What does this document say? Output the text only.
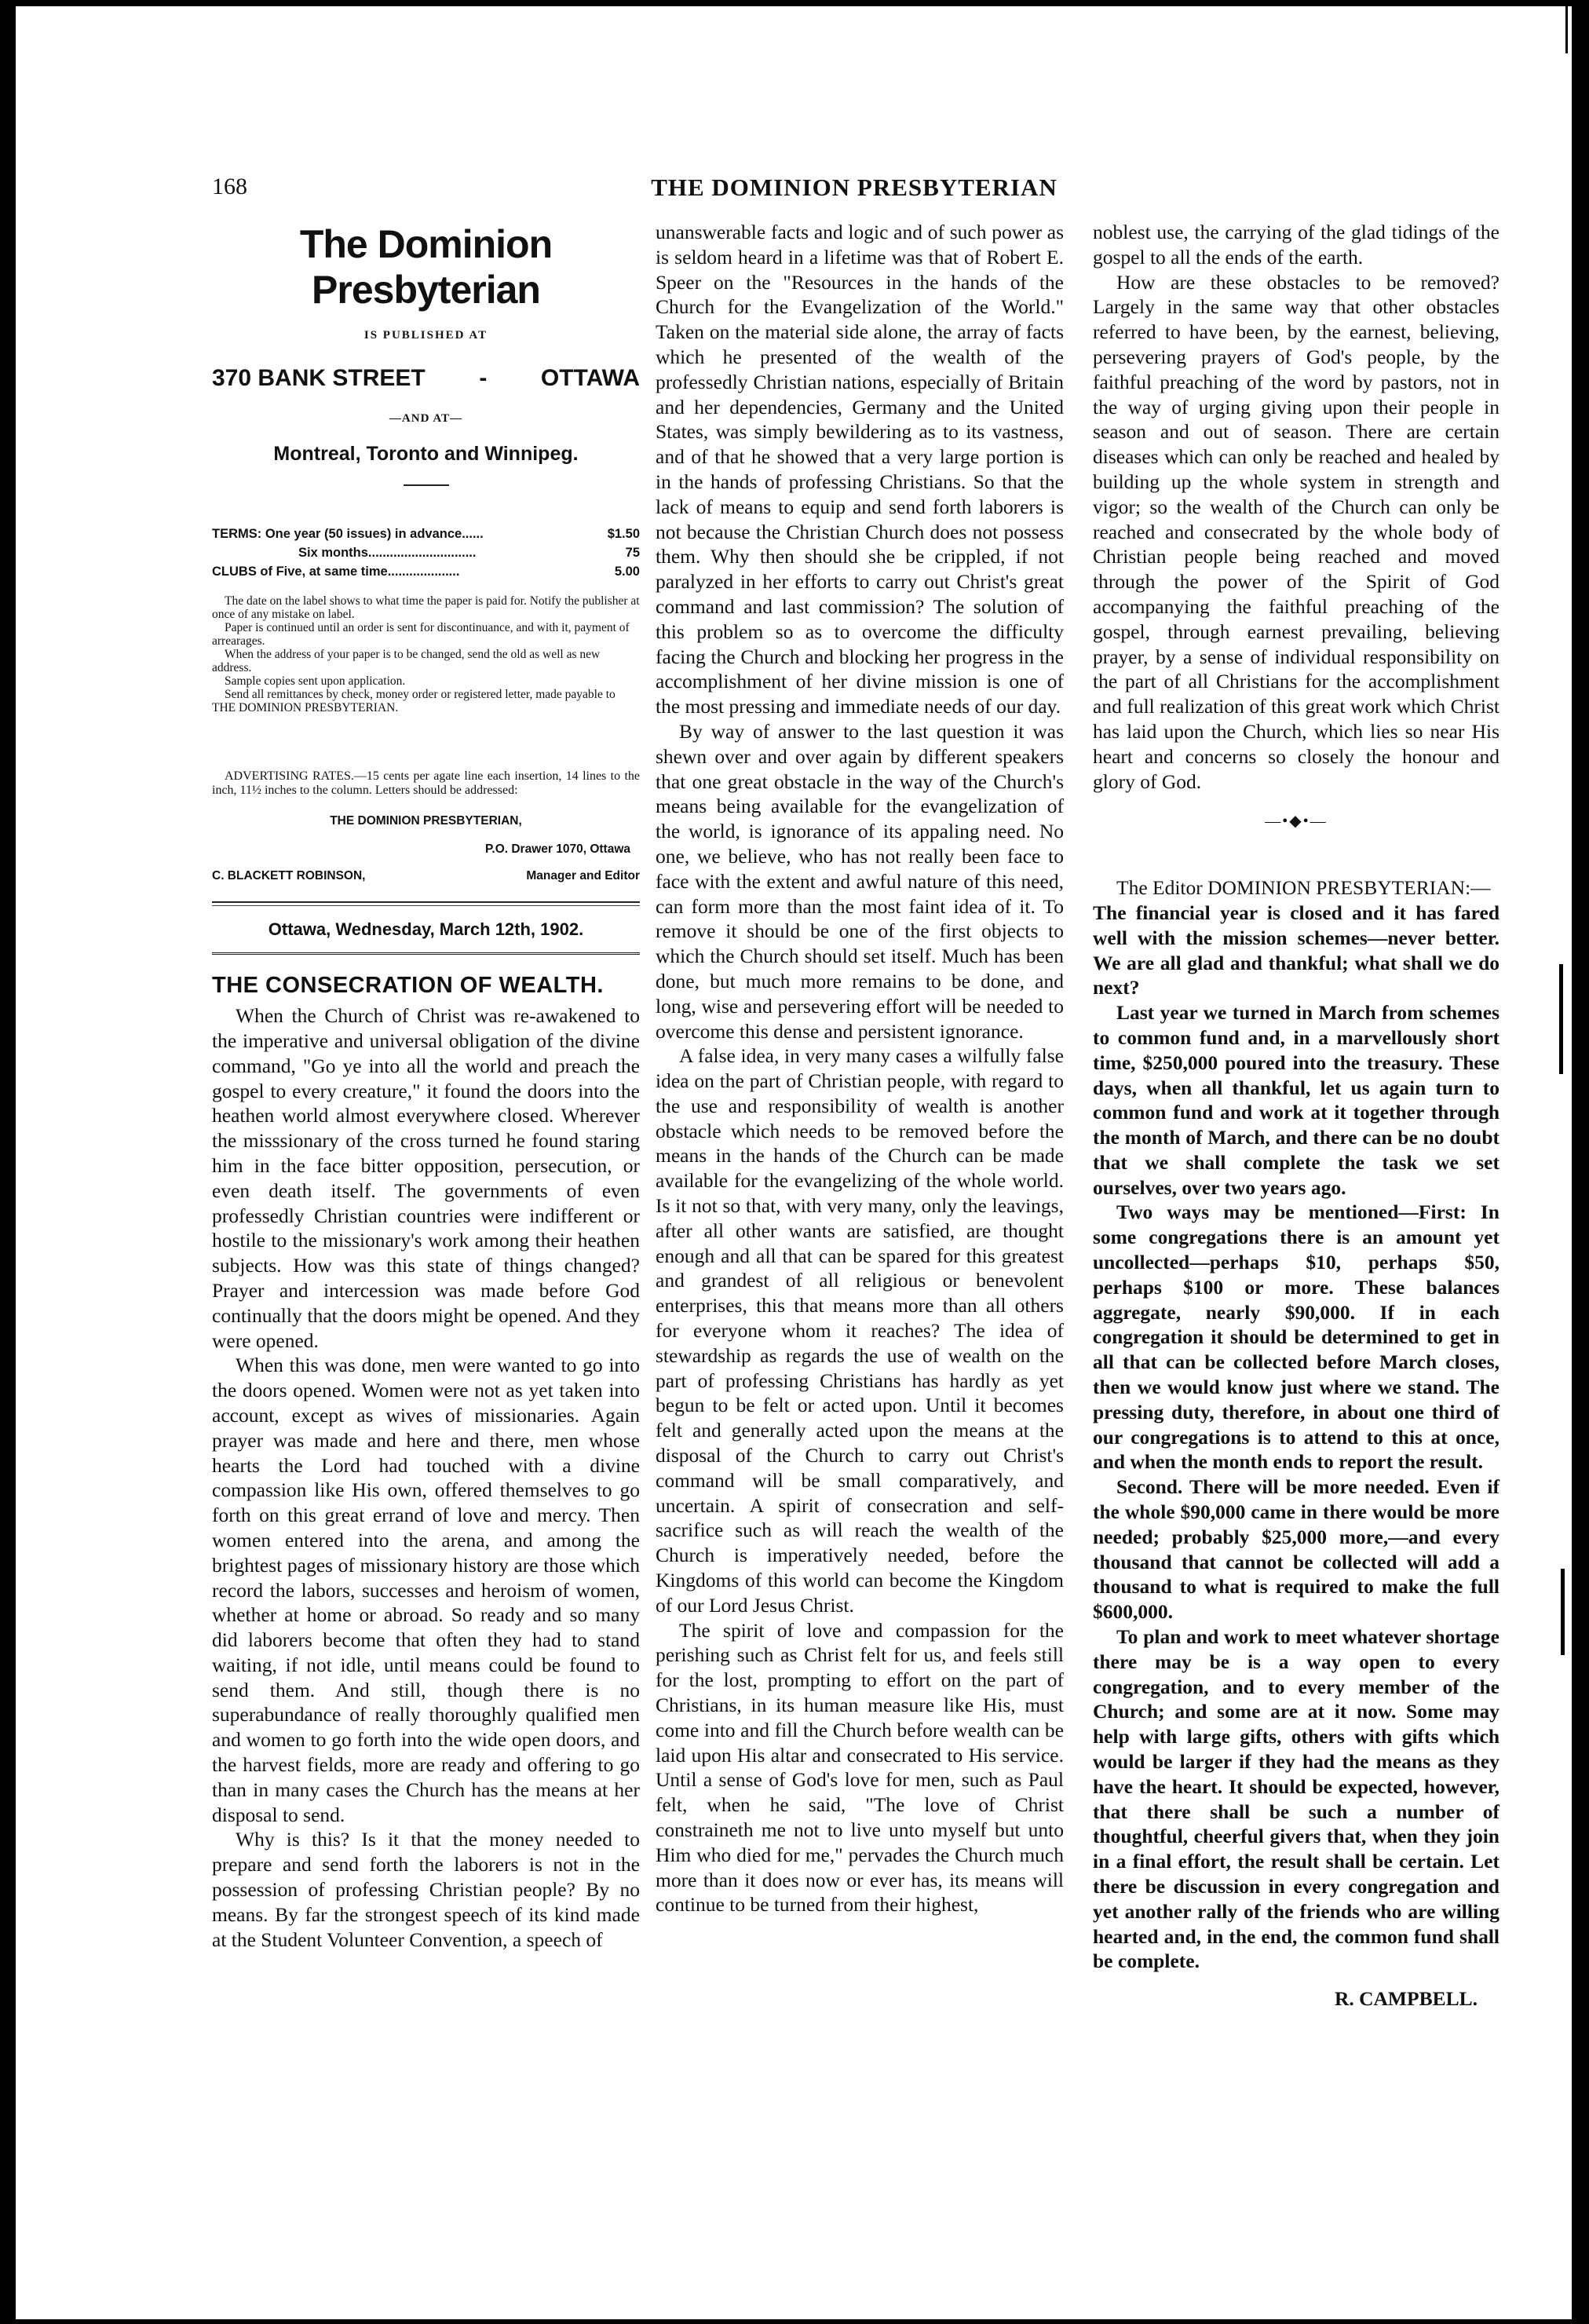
168	THE DOMINION PRESBYTERIAN
The Dominion Presbyterian
IS PUBLISHED AT
370 BANK STREET - OTTAWA
—AND AT—
Montreal, Toronto and Winnipeg.
TERMS: One year (50 issues) in advance......	$1.50
Six months..............................	75
CLUBS of Five, at same time....................	5.00
The date on the label shows to what time the paper is paid for. Notify the publisher at once of any mistake on label.
Paper is continued until an order is sent for discontinuance, and with it, payment of arrearages.
When the address of your paper is to be changed, send the old as well as new address.
Sample copies sent upon application.
Send all remittances by check, money order or registered letter, made payable to THE DOMINION PRESBYTERIAN.
ADVERTISING RATES.—15 cents per agate line each insertion, 14 lines to the inch, 11½ inches to the column. Letters should be addressed:
THE DOMINION PRESBYTERIAN,
P.O. Drawer 1070, Ottawa
C. BLACKETT ROBINSON,	Manager and Editor
Ottawa, Wednesday, March 12th, 1902.
THE CONSECRATION OF WEALTH.

When the Church of Christ was re-awakened to the imperative and universal obligation of the divine command, "Go ye into all the world and preach the gospel to every creature," it found the doors into the heathen world almost everywhere closed. Wherever the misssionary of the cross turned he found staring him in the face bitter opposition, persecution, or even death itself. The governments of even professedly Christian countries were indifferent or hostile to the missionary's work among their heathen subjects. How was this state of things changed? Prayer and intercession was made before God continually that the doors might be opened. And they were opened.

When this was done, men were wanted to go into the doors opened. Women were not as yet taken into account, except as wives of missionaries. Again prayer was made and here and there, men whose hearts the Lord had touched with a divine compassion like His own, offered themselves to go forth on this great errand of love and mercy. Then women entered into the arena, and among the brightest pages of missionary history are those which record the labors, successes and heroism of women, whether at home or abroad. So ready and so many did laborers become that often they had to stand waiting, if not idle, until means could be found to send them. And still, though there is no superabundance of really thoroughly qualified men and women to go forth into the wide open doors, and the harvest fields, more are ready and offering to go than in many cases the Church has the means at her disposal to send.

Why is this? Is it that the money needed to prepare and send forth the laborers is not in the possession of professing Christian people? By no means. By far the strongest speech of its kind made at the Student Volunteer Convention, a speech of

unanswerable facts and logic and of such power as is seldom heard in a lifetime was that of Robert E. Speer on the "Resources in the hands of the Church for the Evangelization of the World." Taken on the material side alone, the array of facts which he presented of the wealth of the professedly Christian nations, especially of Britain and her dependencies, Germany and the United States, was simply bewildering as to its vastness, and of that he showed that a very large portion is in the hands of professing Christians. So that the lack of means to equip and send forth laborers is not because the Christian Church does not possess them. Why then should she be crippled, if not paralyzed in her efforts to carry out Christ's great command and last commission? The solution of this problem so as to overcome the difficulty facing the Church and blocking her progress in the accomplishment of her divine mission is one of the most pressing and immediate needs of our day.

By way of answer to the last question it was shewn over and over again by different speakers that one great obstacle in the way of the Church's means being available for the evangelization of the world, is ignorance of its appaling need. No one, we believe, who has not really been face to face with the extent and awful nature of this need, can form more than the most faint idea of it. To remove it should be one of the first objects to which the Church should set itself. Much has been done, but much more remains to be done, and long, wise and persevering effort will be needed to overcome this dense and persistent ignorance.

A false idea, in very many cases a wilfully false idea on the part of Christian people, with regard to the use and responsibility of wealth is another obstacle which needs to be removed before the means in the hands of the Church can be made available for the evangelizing of the whole world. Is it not so that, with very many, only the leavings, after all other wants are satisfied, are thought enough and all that can be spared for this greatest and grandest of all religious or benevolent enterprises, this that means more than all others for everyone whom it reaches? The idea of stewardship as regards the use of wealth on the part of professing Christians has hardly as yet begun to be felt or acted upon. Until it becomes felt and generally acted upon the means at the disposal of the Church to carry out Christ's command will be small comparatively, and uncertain. A spirit of consecration and self-sacrifice such as will reach the wealth of the Church is imperatively needed, before the Kingdoms of this world can become the Kingdom of our Lord Jesus Christ.

The spirit of love and compassion for the perishing such as Christ felt for us, and feels still for the lost, prompting to effort on the part of Christians, in its human measure like His, must come into and fill the Church before wealth can be laid upon His altar and consecrated to His service. Until a sense of God's love for men, such as Paul felt, when he said, "The love of Christ constraineth me not to live unto myself but unto Him who died for me," pervades the Church much more than it does now or ever has, its means will continue to be turned from their highest,

noblest use, the carrying of the glad tidings of the gospel to all the ends of the earth.

How are these obstacles to be removed? Largely in the same way that other obstacles referred to have been, by the earnest, believing, persevering prayers of God's people, by the faithful preaching of the word by pastors, not in the way of urging giving upon their people in season and out of season. There are certain diseases which can only be reached and healed by building up the whole system in strength and vigor; so the wealth of the Church can only be reached and consecrated by the whole body of Christian people being reached and moved through the power of the Spirit of God accompanying the faithful preaching of the gospel, through earnest prevailing, believing prayer, by a sense of individual responsibility on the part of all Christians for the accomplishment and full realization of this great work which Christ has laid upon the Church, which lies so near His heart and concerns so closely the honour and glory of God.

—•◆•—

The Editor DOMINION PRESBYTERIAN:—

The financial year is closed and it has fared well with the mission schemes—never better. We are all glad and thankful; what shall we do next?

Last year we turned in March from schemes to common fund and, in a marvellously short time, $250,000 poured into the treasury. These days, when all thankful, let us again turn to common fund and work at it together through the month of March, and there can be no doubt that we shall complete the task we set ourselves, over two years ago.

Two ways may be mentioned—First: In some congregations there is an amount yet uncollected—perhaps $10, perhaps $50, perhaps $100 or more. These balances aggregate, nearly $90,000. If in each congregation it should be determined to get in all that can be collected before March closes, then we would know just where we stand. The pressing duty, therefore, in about one third of our congregations is to attend to this at once, and when the month ends to report the result.

Second. There will be more needed. Even if the whole $90,000 came in there would be more needed; probably $25,000 more,—and every thousand that cannot be collected will add a thousand to what is required to make the full $600,000.

To plan and work to meet whatever shortage there may be is a way open to every congregation, and to every member of the Church; and some are at it now. Some may help with large gifts, others with gifts which would be larger if they had the means as they have the heart. It should be expected, however, that there shall be such a number of thoughtful, cheerful givers that, when they join in a final effort, the result shall be certain. Let there be discussion in every congregation and yet another rally of the friends who are willing hearted and, in the end, the common fund shall be complete.

R. CAMPBELL.
